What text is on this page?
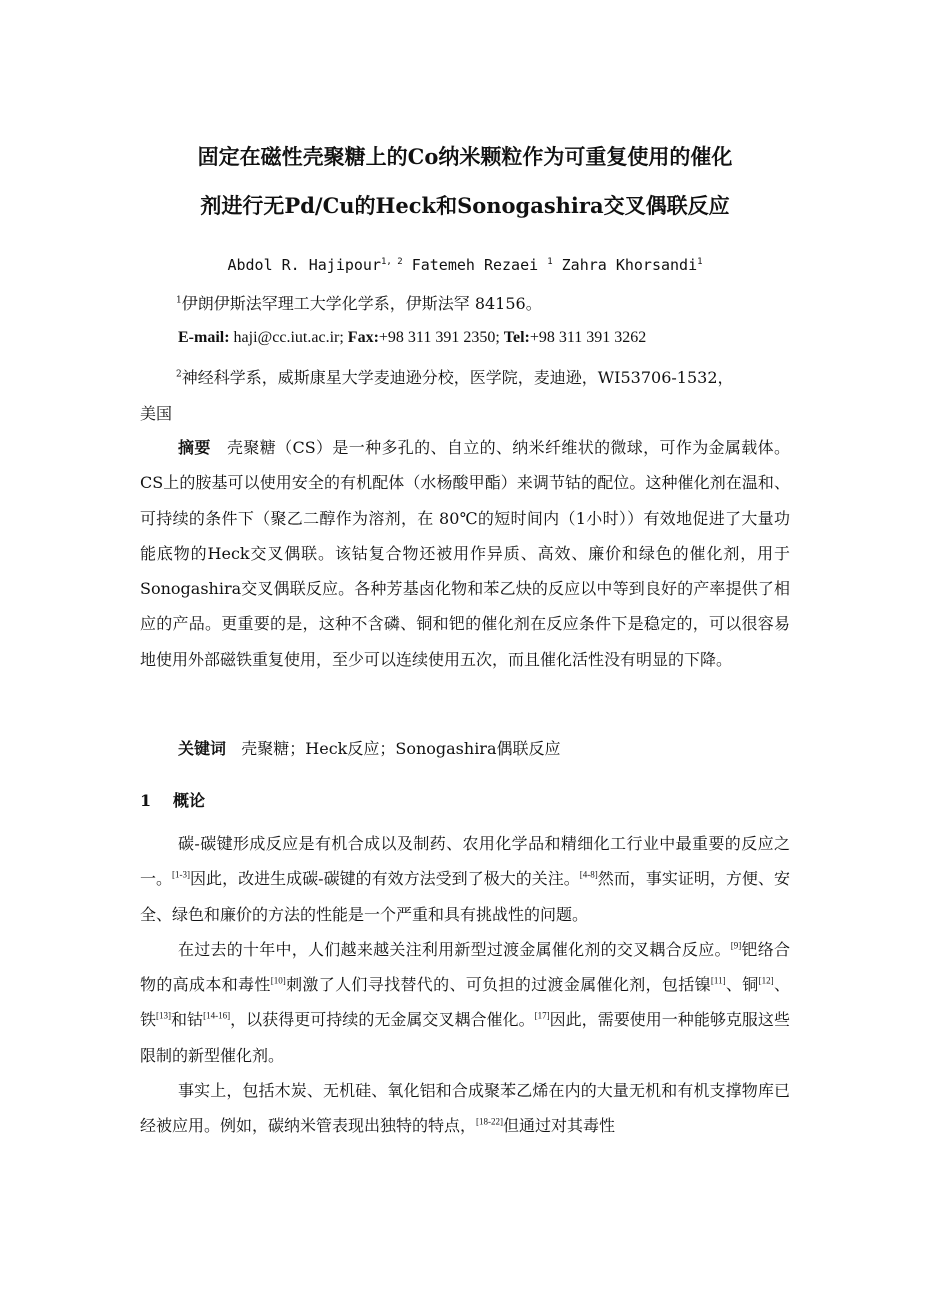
固定在磁性壳聚糖上的Co纳米颗粒作为可重复使用的催化
剂进行无Pd/Cu的Heck和Sonogashira交叉偶联反应
Abdol R. Hajipour$^{1, 2}$ Fatemeh Rezaei $^1$ Zahra Khorsandi$^1$
$^1$伊朗伊斯法罕理工大学化学系，伊斯法罕 84156。
E-mail: haji@cc.iut.ac.ir; Fax:+98 311 391 2350; Tel:+98 311 391 3262
$^2$神经科学系，威斯康星大学麦迪逊分校，医学院，麦迪逊，WI53706-1532，
美国

摘要 壳聚糖（CS）是一种多孔的、自立的、纳米纤维状的微球，可作为金属载体。CS上的胺基可以使用安全的有机配体（水杨酸甲酯）来调节钴的配位。这种催化剂在温和、可持续的条件下（聚乙二醇作为溶剂，在 80℃的短时间内（1小时））有效地促进了大量功能底物的Heck交叉偶联。该钴复合物还被用作异质、高效、廉价和绿色的催化剂，用于Sonogashira交叉偶联反应。各种芳基卤化物和苯乙炔的反应以中等到良好的产率提供了相应的产品。更重要的是，这种不含磷、铜和钯的催化剂在反应条件下是稳定的，可以很容易地使用外部磁铁重复使用，至少可以连续使用五次，而且催化活性没有明显的下降。

关键词 壳聚糖；Heck反应；Sonogashira偶联反应
1 概论

碳-碳键形成反应是有机合成以及制药、农用化学品和精细化工行业中最重要的反应之一。[1-3]因此，改进生成碳-碳键的有效方法受到了极大的关注。[4-8]然而，事实证明，方便、安全、绿色和廉价的方法的性能是一个严重和具有挑战性的问题。

在过去的十年中，人们越来越关注利用新型过渡金属催化剂的交叉耦合反应。[9]钯络合物的高成本和毒性[10]刺激了人们寻找替代的、可负担的过渡金属催化剂，包括镍[11]、铜[12]、铁[13]和钴[14-16]，以获得更可持续的无金属交叉耦合催化。[17]因此，需要使用一种能够克服这些限制的新型催化剂。

事实上，包括木炭、无机硅、氧化铝和合成聚苯乙烯在内的大量无机和有机支撑物库已经被应用。例如，碳纳米管表现出独特的特点，[18-22]但通过对其毒性
